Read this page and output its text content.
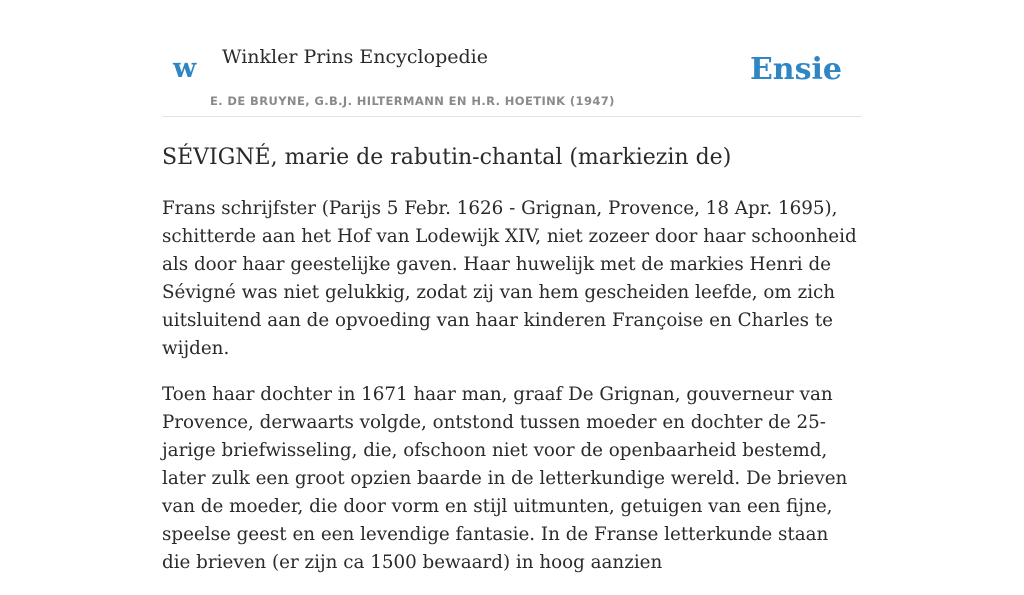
w Winkler Prins Encyclopedie
E. DE BRUYNE, G.B.J. HILTERMANN EN H.R. HOETINK (1947)
Ensie
SÉVIGNÉ, marie de rabutin-chantal (markiezin de)

Frans schrijfster (Parijs 5 Febr. 1626 - Grignan, Provence, 18 Apr. 1695), schitterde aan het Hof van Lodewijk XIV, niet zozeer door haar schoonheid als door haar geestelijke gaven. Haar huwelijk met de markies Henri de Sévigné was niet gelukkig, zodat zij van hem gescheiden leefde, om zich uitsluitend aan de opvoeding van haar kinderen Françoise en Charles te wijden.

Toen haar dochter in 1671 haar man, graaf De Grignan, gouverneur van Provence, derwaarts volgde, ontstond tussen moeder en dochter de 25-jarige briefwisseling, die, ofschoon niet voor de openbaarheid bestemd, later zulk een groot opzien baarde in de letterkundige wereld. De brieven van de moeder, die door vorm en stijl uitmunten, getuigen van een fijne, speelse geest en een levendige fantasie. In de Franse letterkunde staan die brieven (er zijn ca 1500 bewaard) in hoog aanzien
